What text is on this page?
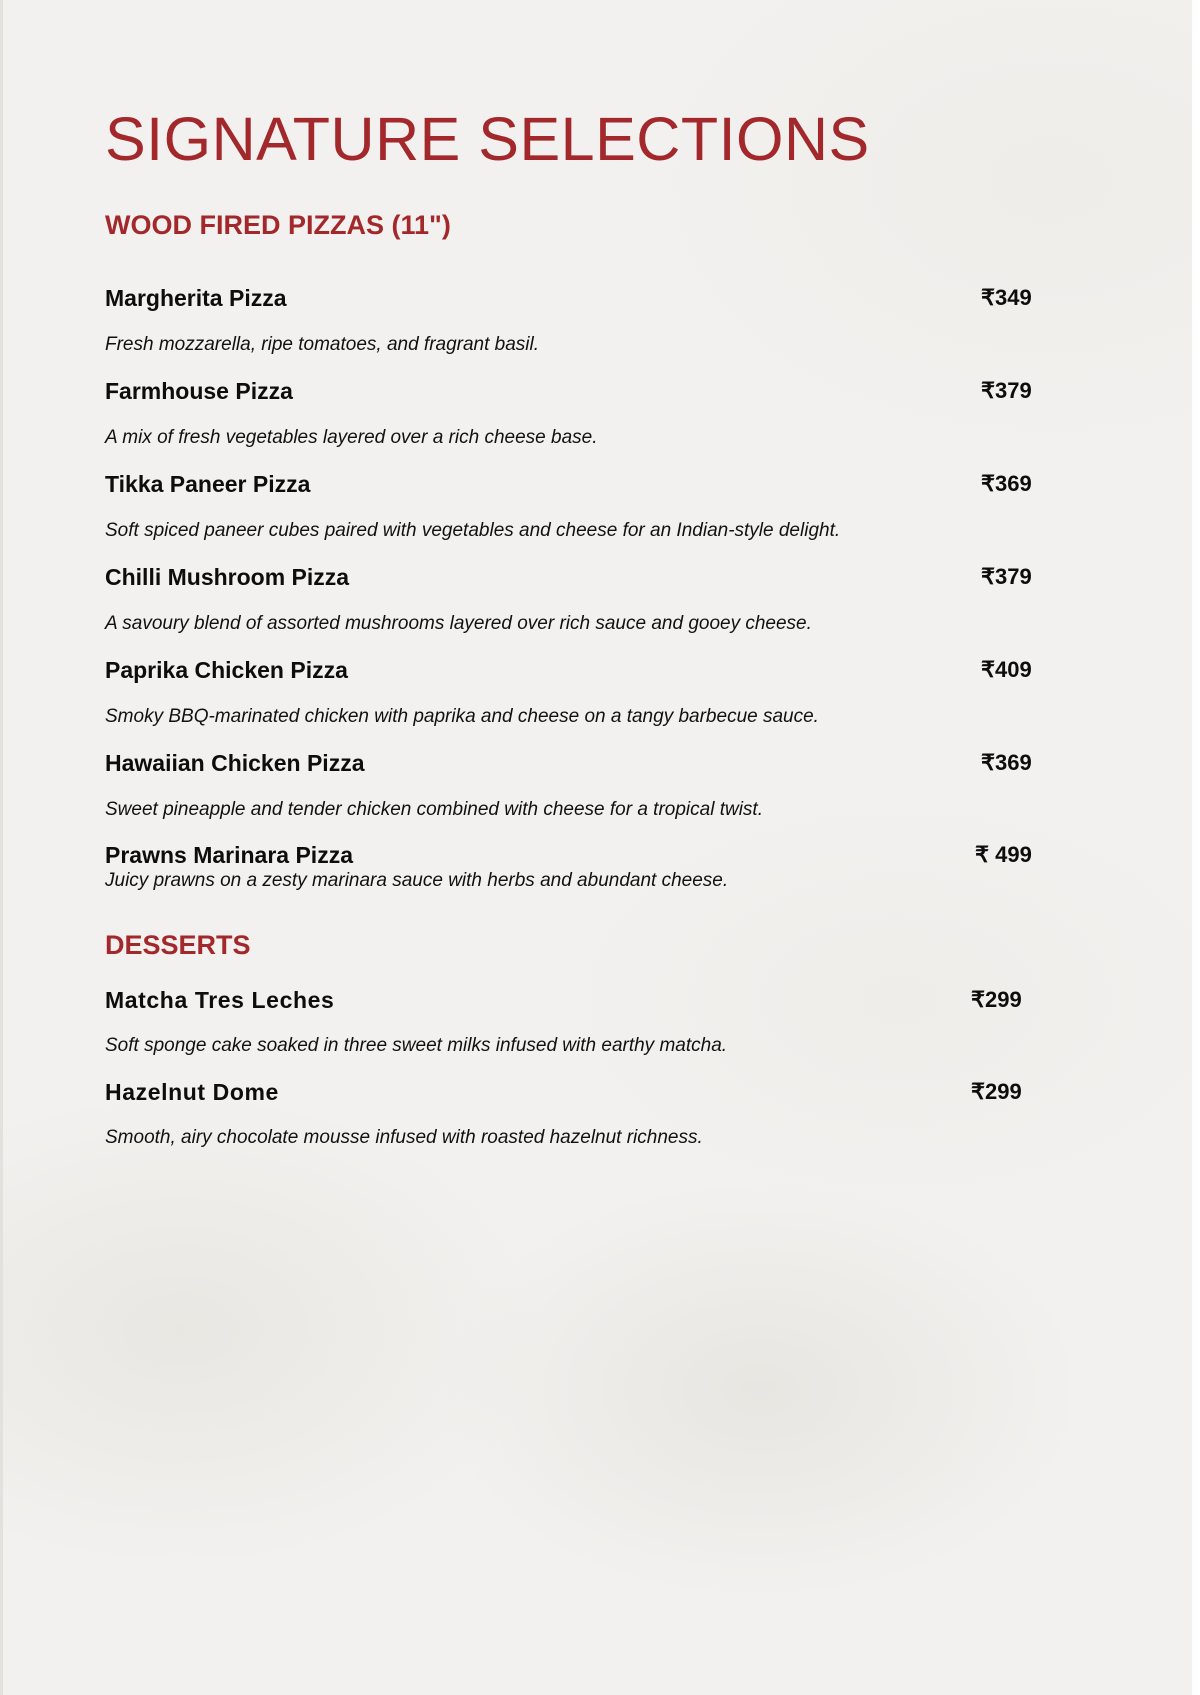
SIGNATURE SELECTIONS
WOOD FIRED PIZZAS (11")
Margherita Pizza	₹349
Fresh mozzarella, ripe tomatoes, and fragrant basil.
Farmhouse Pizza	₹379
A mix of fresh vegetables layered over a rich cheese base.
Tikka Paneer Pizza	₹369
Soft spiced paneer cubes paired with vegetables and cheese for an Indian-style delight.
Chilli Mushroom Pizza	₹379
A savoury blend of assorted mushrooms layered over rich sauce and gooey cheese.
Paprika Chicken Pizza	₹409
Smoky BBQ-marinated chicken with paprika and cheese on a tangy barbecue sauce.
Hawaiian Chicken Pizza	₹369
Sweet pineapple and tender chicken combined with cheese for a tropical twist.
Prawns Marinara Pizza	₹ 499
Juicy prawns on a zesty marinara sauce with herbs and abundant cheese.
DESSERTS
Matcha Tres Leches	₹299
Soft sponge cake soaked in three sweet milks infused with earthy matcha.
Hazelnut Dome	₹299
Smooth, airy chocolate mousse infused with roasted hazelnut richness.
